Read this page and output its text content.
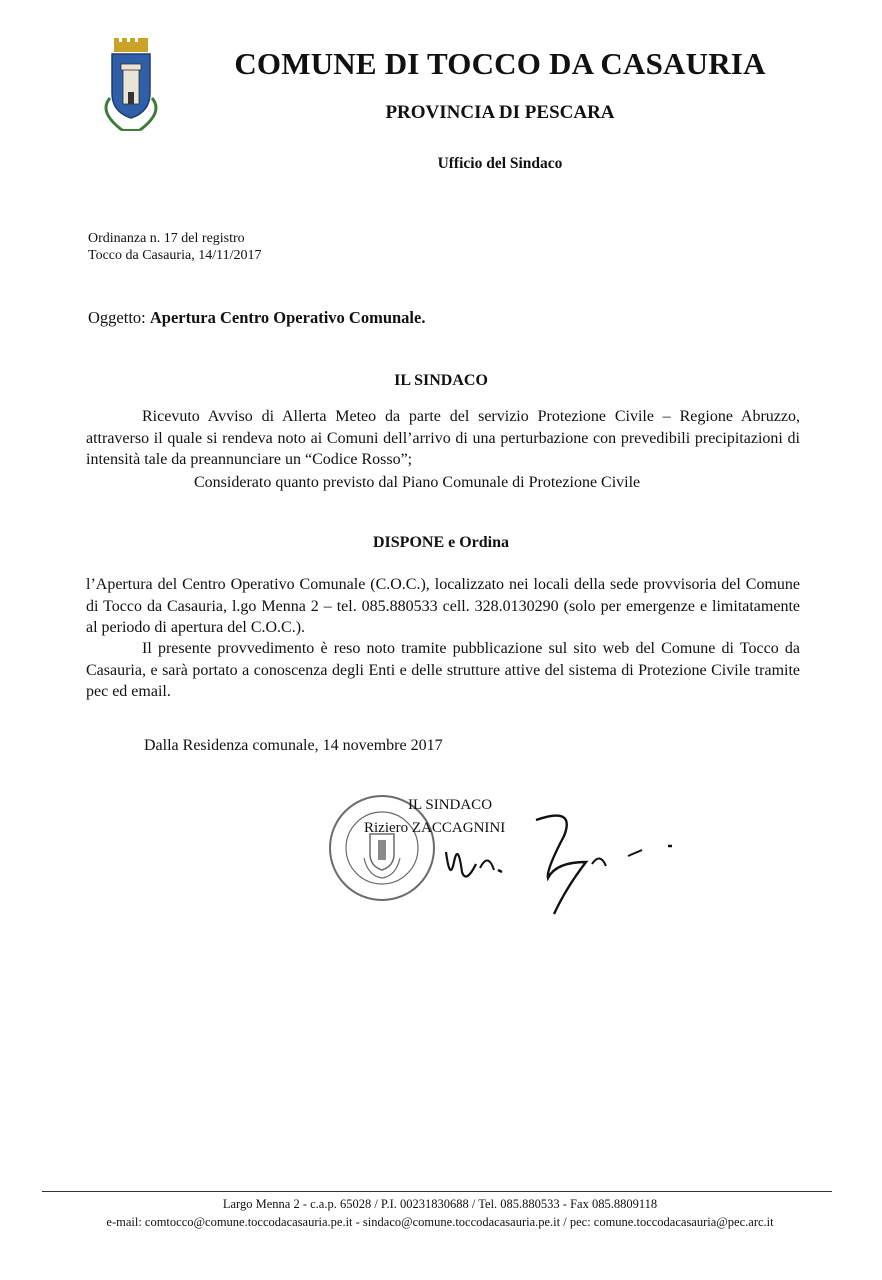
COMUNE DI TOCCO DA CASAURIA
PROVINCIA DI PESCARA
Ufficio del Sindaco
Ordinanza n. 17 del registro
Tocco da Casauria, 14/11/2017
Oggetto: Apertura Centro Operativo Comunale.
IL SINDACO
Ricevuto Avviso di Allerta Meteo da parte del servizio Protezione Civile – Regione Abruzzo, attraverso il quale si rendeva noto ai Comuni dell’arrivo di una perturbazione con prevedibili precipitazioni di intensità tale da preannunciare un “Codice Rosso”;
Considerato quanto previsto dal Piano Comunale di Protezione Civile
DISPONE e Ordina
l’Apertura del Centro Operativo Comunale (C.O.C.), localizzato nei locali della sede provvisoria del Comune di Tocco da Casauria, l.go Menna 2 – tel. 085.880533 cell. 328.0130290 (solo per emergenze e limitatamente al periodo di apertura del C.O.C.).
Il presente provvedimento è reso noto tramite pubblicazione sul sito web del Comune di Tocco da Casauria, e sarà portato a conoscenza degli Enti e delle strutture attive del sistema di Protezione Civile tramite pec ed email.
Dalla Residenza comunale, 14 novembre 2017
IL SINDACO
Riziero ZACCAGNINI
Largo Menna 2 - c.a.p. 65028 / P.I. 00231830688 / Tel. 085.880533 - Fax 085.8809118
e-mail: comtocco@comune.toccodacasauria.pe.it - sindaco@comune.toccodacasauria.pe.it / pec: comune.toccodacasauria@pec.arc.it
